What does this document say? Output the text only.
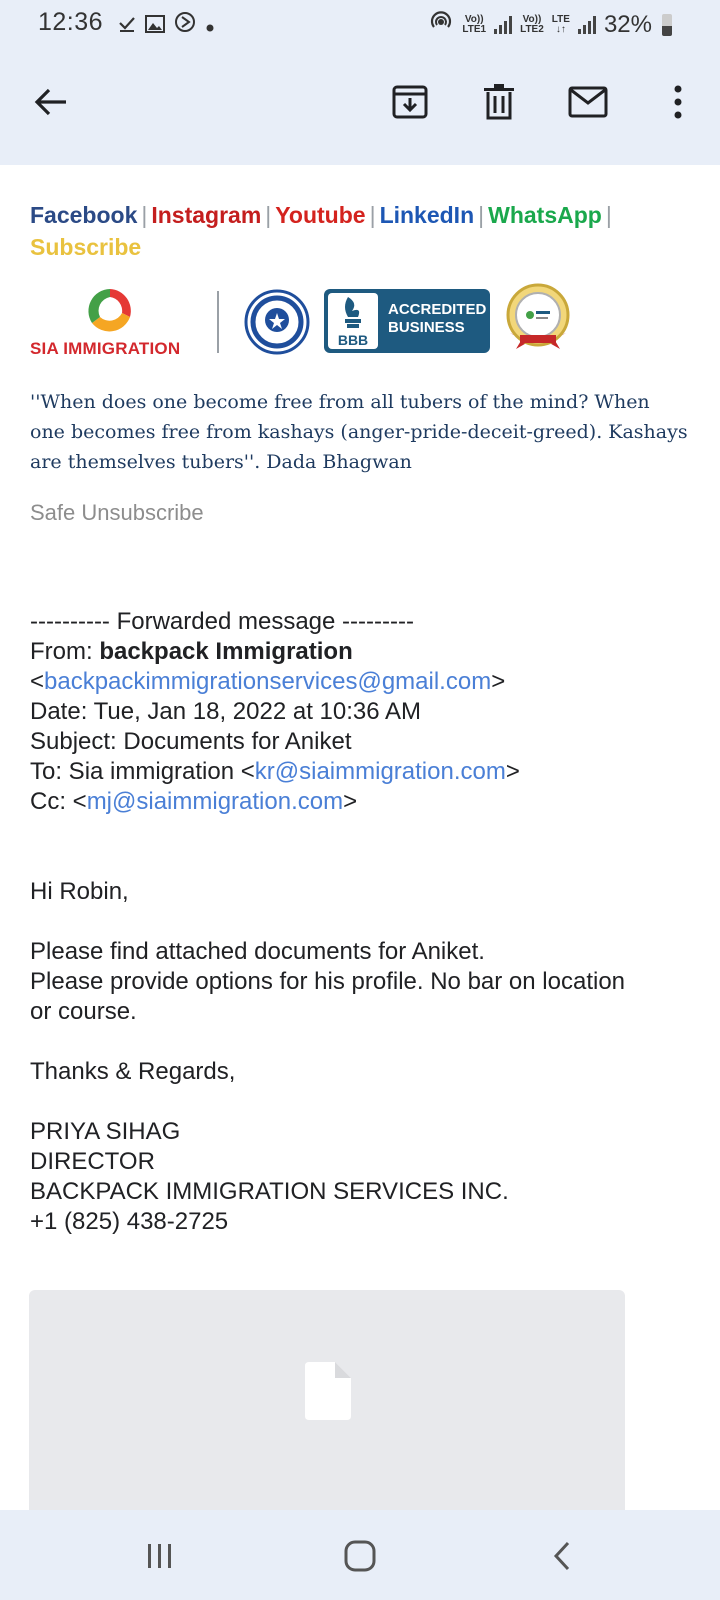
12:36	Vo))
LTE1
Vo))
LTE2
LTE
↓↑ 32%
Facebook | Instagram | Youtube | LinkedIn | WhatsApp |
Subscribe
SIA IMMIGRATION	BBB
ACCREDITED
BUSINESS
''When does one become free from all tubers of the mind? When one becomes free from kashays (anger-pride-deceit-greed). Kashays are themselves tubers''. Dada Bhagwan
Safe Unsubscribe
---------- Forwarded message ---------
From: backpack Immigration
<backpackimmigrationservices@gmail.com>
Date: Tue, Jan 18, 2022 at 10:36 AM
Subject: Documents for Aniket
To: Sia immigration <kr@siaimmigration.com>
Cc: <mj@siaimmigration.com>
Hi Robin,
Please find attached documents for Aniket.
Please provide options for his profile. No bar on location
or course.
Thanks & Regards,
PRIYA SIHAG
DIRECTOR
BACKPACK IMMIGRATION SERVICES INC.
+1 (825) 438-2725
